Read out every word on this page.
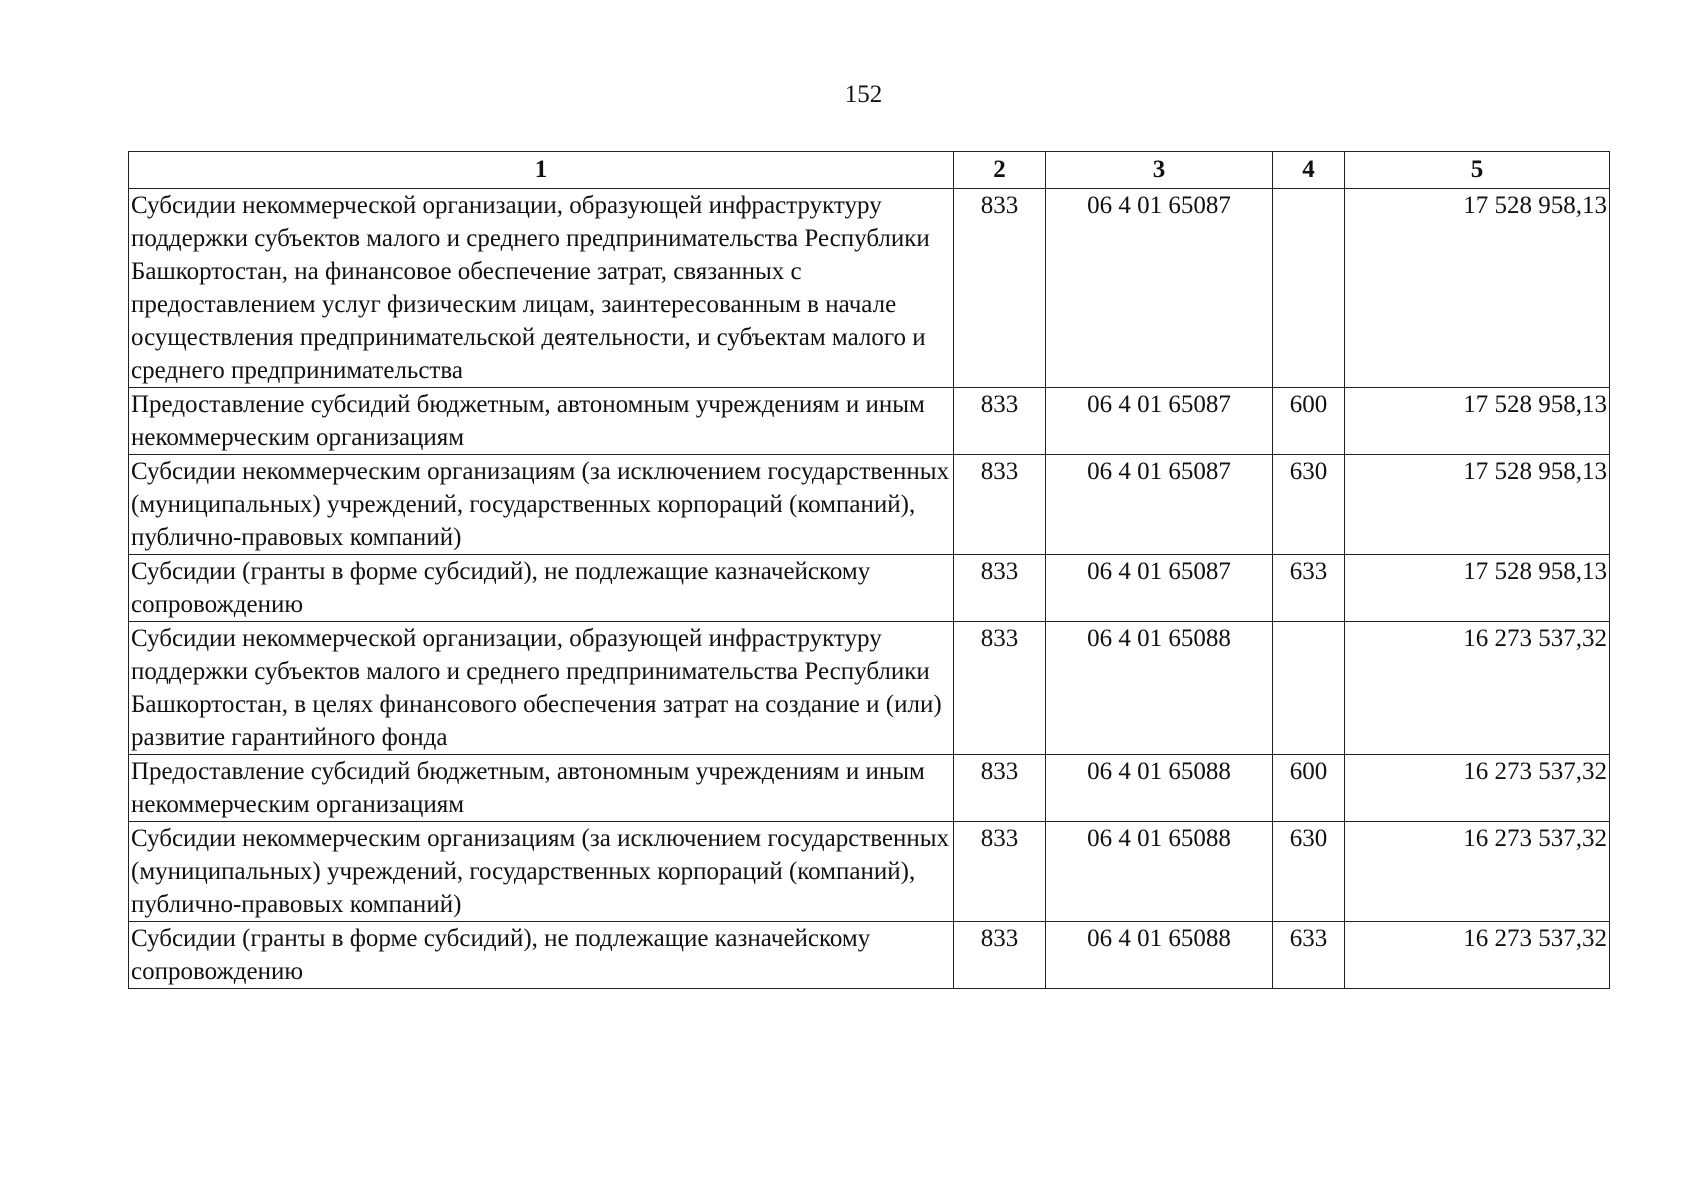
152
1	2	3	4	5
Субсидии некоммерческой организации, образующей инфраструктуру поддержки субъектов малого и среднего предпринимательства Республики Башкортостан, на финансовое обеспечение затрат, связанных с предоставлением услуг физическим лицам, заинтересованным в начале осуществления предпринимательской деятельности, и субъектам малого и среднего предпринимательства	833	06 4 01 65087		17 528 958,13
Предоставление субсидий бюджетным, автономным учреждениям и иным некоммерческим организациям	833	06 4 01 65087	600	17 528 958,13
Субсидии некоммерческим организациям (за исключением государственных (муниципальных) учреждений, государственных корпораций (компаний), публично-правовых компаний)	833	06 4 01 65087	630	17 528 958,13
Субсидии (гранты в форме субсидий), не подлежащие казначейскому сопровождению	833	06 4 01 65087	633	17 528 958,13
Субсидии некоммерческой организации, образующей инфраструктуру поддержки субъектов малого и среднего предпринимательства Республики Башкортостан, в целях финансового обеспечения затрат на создание и (или) развитие гарантийного фонда	833	06 4 01 65088		16 273 537,32
Предоставление субсидий бюджетным, автономным учреждениям и иным некоммерческим организациям	833	06 4 01 65088	600	16 273 537,32
Субсидии некоммерческим организациям (за исключением государственных (муниципальных) учреждений, государственных корпораций (компаний), публично-правовых компаний)	833	06 4 01 65088	630	16 273 537,32
Субсидии (гранты в форме субсидий), не подлежащие казначейскому сопровождению	833	06 4 01 65088	633	16 273 537,32
